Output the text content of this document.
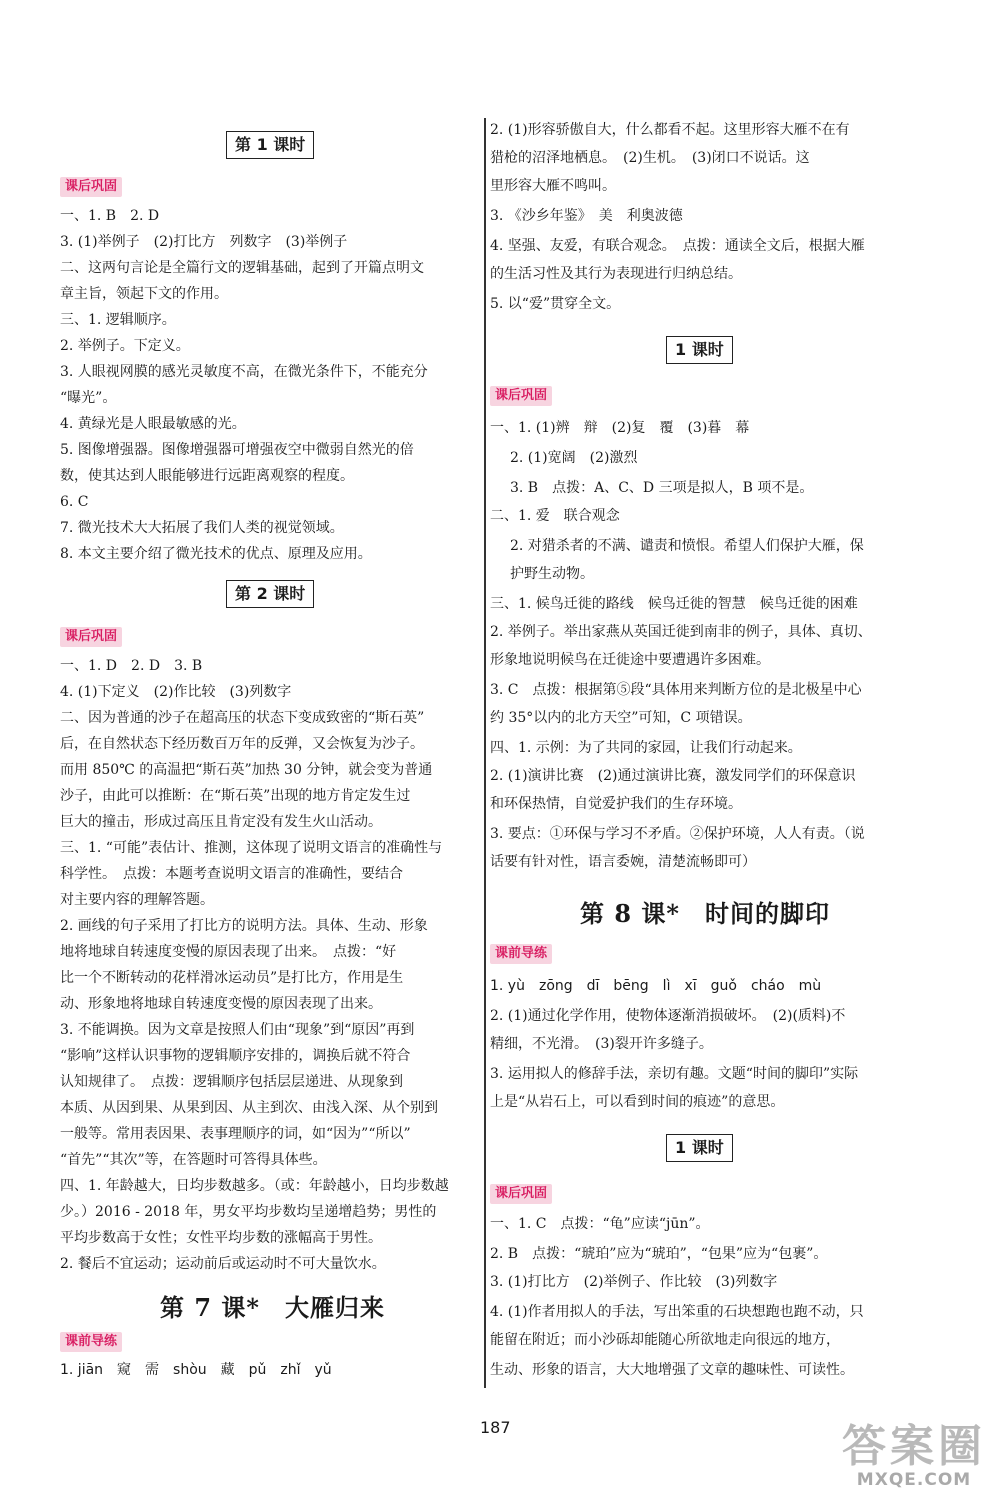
第 1 课时
课后巩固
一、1. B　2. D
3. (1)举例子　(2)打比方　列数字　(3)举例子
二、这两句言论是全篇行文的逻辑基础，起到了开篇点明文
章主旨，领起下文的作用。
三、1. 逻辑顺序。
2. 举例子。下定义。
3. 人眼视网膜的感光灵敏度不高，在微光条件下，不能充分
“曝光”。
4. 黄绿光是人眼最敏感的光。
5. 图像增强器。图像增强器可增强夜空中微弱自然光的倍
数，使其达到人眼能够进行远距离观察的程度。
6. C
7. 微光技术大大拓展了我们人类的视觉领域。
8. 本文主要介绍了微光技术的优点、原理及应用。
第 2 课时
课后巩固
一、1. D　2. D　3. B
4. (1)下定义　(2)作比较　(3)列数字
二、因为普通的沙子在超高压的状态下变成致密的“斯石英”
后，在自然状态下经历数百万年的反弹，又会恢复为沙子。
而用 850℃ 的高温把“斯石英”加热 30 分钟，就会变为普通
沙子，由此可以推断：在“斯石英”出现的地方肯定发生过
巨大的撞击，形成过高压且肯定没有发生火山活动。
三、1. “可能”表估计、推测，这体现了说明文语言的准确性与
科学性。　点拨：本题考查说明文语言的准确性，要结合
对主要内容的理解答题。
2. 画线的句子采用了打比方的说明方法。具体、生动、形象
地将地球自转速度变慢的原因表现了出来。　点拨：“好
比一个不断转动的花样滑冰运动员”是打比方，作用是生
动、形象地将地球自转速度变慢的原因表现了出来。
3. 不能调换。因为文章是按照人们由“现象”到“原因”再到
“影响”这样认识事物的逻辑顺序安排的，调换后就不符合
认知规律了。　点拨：逻辑顺序包括层层递进、从现象到
本质、从因到果、从果到因、从主到次、由浅入深、从个别到
一般等。常用表因果、表事理顺序的词，如“因为”“所以”
“首先”“其次”等，在答题时可答得具体些。
四、1. 年龄越大，日均步数越多。（或：年龄越小，日均步数越
少。）2016 - 2018 年，男女平均步数均呈递增趋势；男性的
平均步数高于女性；女性平均步数的涨幅高于男性。
2. 餐后不宜运动；运动前后或运动时不可大量饮水。
第 7 课*　大雁归来
课前导练
1. jiān　窥　需　shòu　藏　pǔ　zhǐ　yǔ
2. (1)形容骄傲自大，什么都看不起。这里形容大雁不在有
猎枪的沼泽地栖息。　(2)生机。　(3)闭口不说话。这
里形容大雁不鸣叫。
3. 《沙乡年鉴》　美　利奥波德
4. 坚强、友爱，有联合观念。　点拨：通读全文后，根据大雁
的生活习性及其行为表现进行归纳总结。
5. 以“爱”贯穿全文。
1 课时
课后巩固
一、1. (1)辨　辩　(2)复　覆　(3)暮　幕
2. (1)宽阔　(2)激烈
3. B　点拨：A、C、D 三项是拟人，B 项不是。
二、1. 爱　联合观念
2. 对猎杀者的不满、谴责和愤恨。希望人们保护大雁，保
护野生动物。
三、1. 候鸟迁徙的路线　候鸟迁徙的智慧　候鸟迁徙的困难
2. 举例子。举出家燕从英国迁徙到南非的例子，具体、真切、
形象地说明候鸟在迁徙途中要遭遇许多困难。
3. C　点拨：根据第⑤段“具体用来判断方位的是北极星中心
约 35°以内的北方天空”可知，C 项错误。
四、1. 示例：为了共同的家园，让我们行动起来。
2. (1)演讲比赛　(2)通过演讲比赛，激发同学们的环保意识
和环保热情，自觉爱护我们的生存环境。
3. 要点：①环保与学习不矛盾。②保护环境，人人有责。（说
话要有针对性，语言委婉，清楚流畅即可）
第 8 课*　时间的脚印
课前导练
1. yù　zōng　dī　bēng　lì　xī　guǒ　cháo　mù
2. (1)通过化学作用，使物体逐渐消损破坏。　(2)(质料)不
精细，不光滑。　(3)裂开许多缝子。
3. 运用拟人的修辞手法，亲切有趣。文题“时间的脚印”实际
上是“从岩石上，可以看到时间的痕迹”的意思。
1 课时
课后巩固
一、1. C　点拨：“龟”应读“jūn”。
2. B　点拨：“琥珀”应为“琥珀”，“包果”应为“包裹”。
3. (1)打比方　(2)举例子、作比较　(3)列数字
4. (1)作者用拟人的手法，写出笨重的石块想跑也跑不动，只
能留在附近；而小沙砾却能随心所欲地走向很远的地方，
生动、形象的语言，大大地增强了文章的趣味性、可读性。
187	答案圈
MXQE.COM
